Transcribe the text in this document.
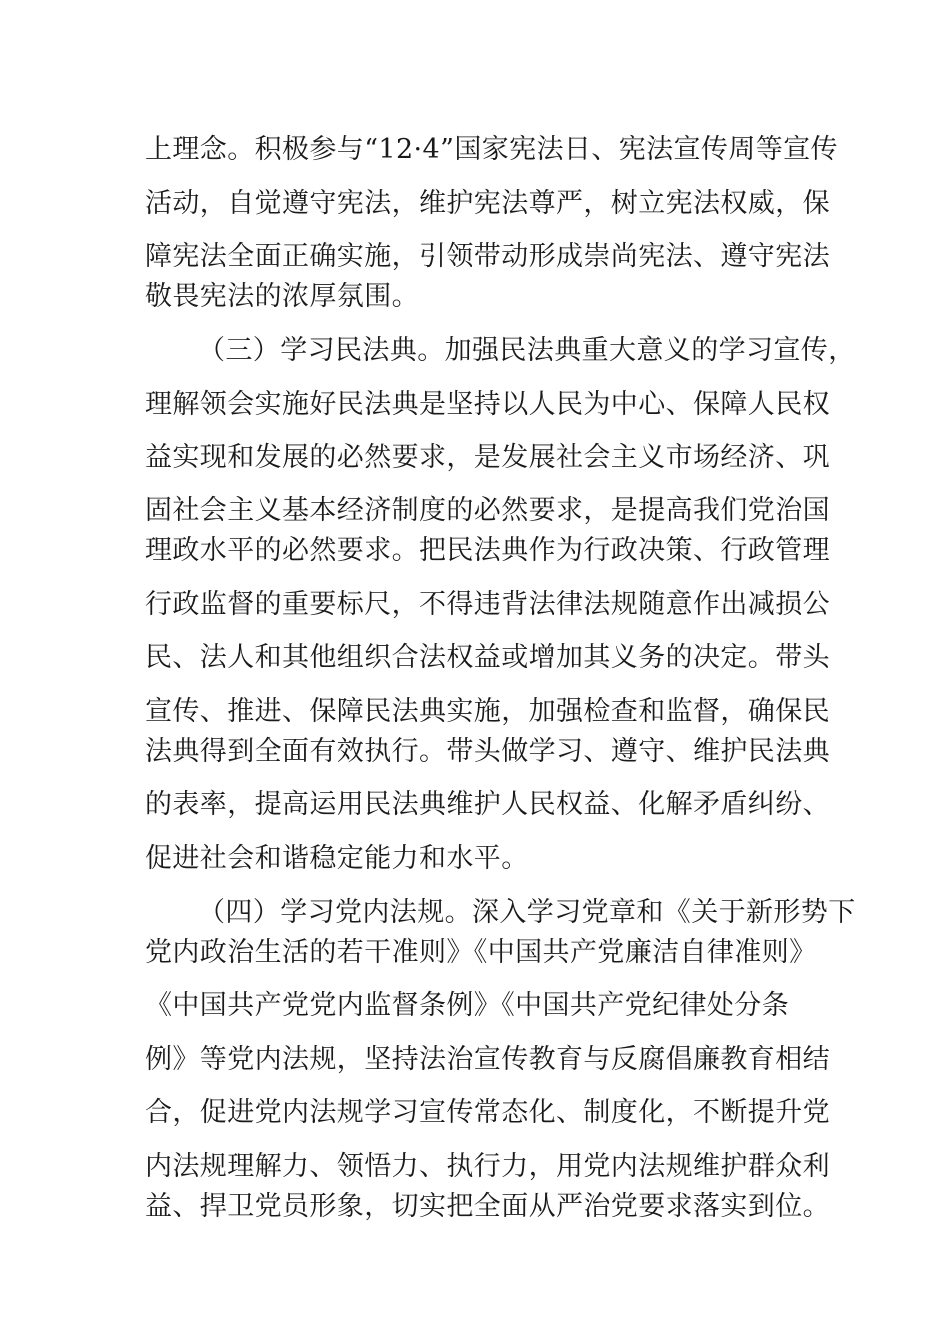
上理念。积极参与“12·4”国家宪法日、宪法宣传周等宣传
活动，自觉遵守宪法，维护宪法尊严，树立宪法权威，保
障宪法全面正确实施，引领带动形成崇尚宪法、遵守宪法
敬畏宪法的浓厚氛围。
（三）学习民法典。加强民法典重大意义的学习宣传，
理解领会实施好民法典是坚持以人民为中心、保障人民权
益实现和发展的必然要求，是发展社会主义市场经济、巩
固社会主义基本经济制度的必然要求，是提高我们党治国
理政水平的必然要求。把民法典作为行政决策、行政管理
行政监督的重要标尺，不得违背法律法规随意作出减损公
民、法人和其他组织合法权益或增加其义务的决定。带头
宣传、推进、保障民法典实施，加强检查和监督，确保民
法典得到全面有效执行。带头做学习、遵守、维护民法典
的表率，提高运用民法典维护人民权益、化解矛盾纠纷、
促进社会和谐稳定能力和水平。
（四）学习党内法规。深入学习党章和《关于新形势下
党内政治生活的若干准则》《中国共产党廉洁自律准则》
《中国共产党党内监督条例》《中国共产党纪律处分条
例》等党内法规，坚持法治宣传教育与反腐倡廉教育相结
合，促进党内法规学习宣传常态化、制度化，不断提升党
内法规理解力、领悟力、执行力，用党内法规维护群众利
益、捍卫党员形象，切实把全面从严治党要求落实到位。
